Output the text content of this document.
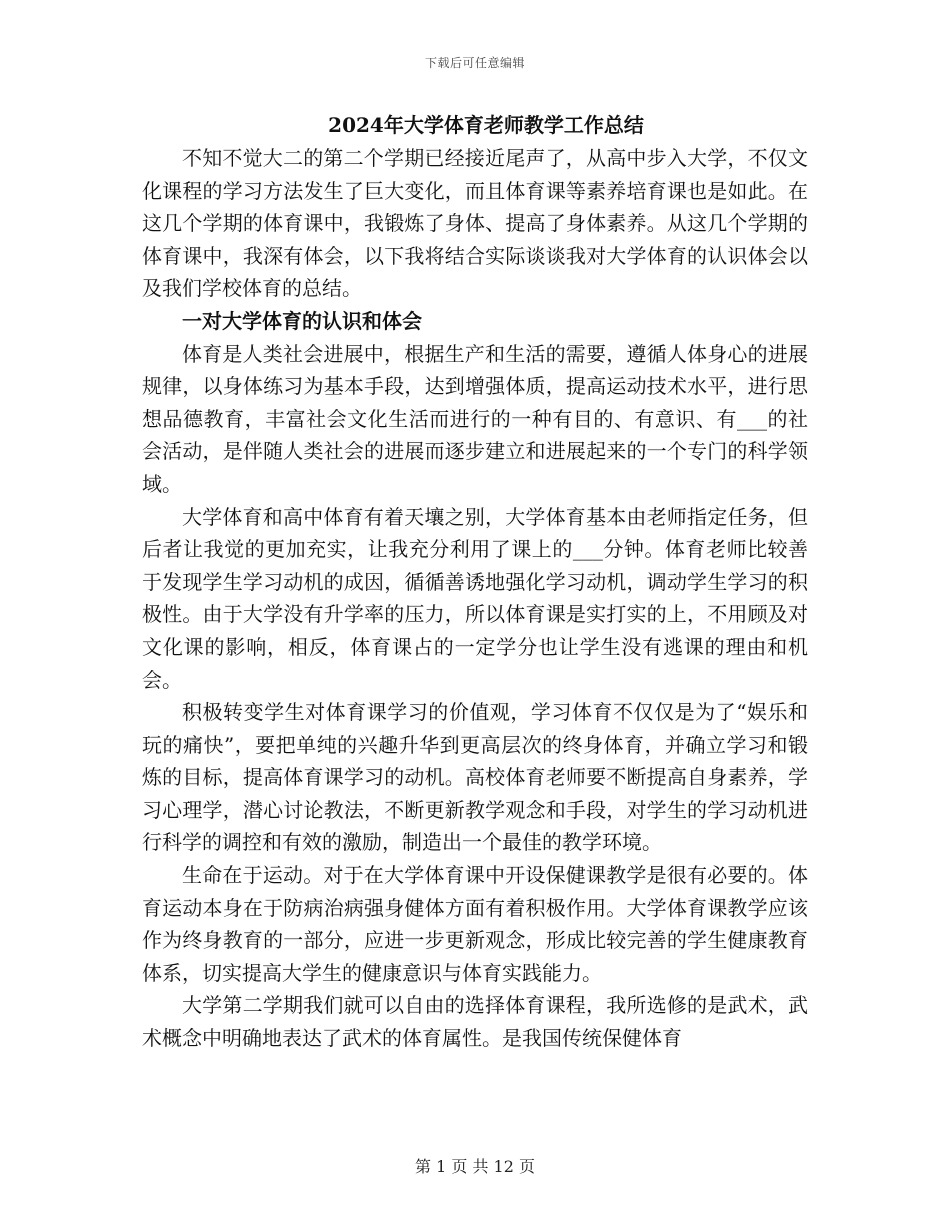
下载后可任意编辑
2024年大学体育老师教学工作总结

不知不觉大二的第二个学期已经接近尾声了，从高中步入大学，不仅文化课程的学习方法发生了巨大变化，而且体育课等素养培育课也是如此。在这几个学期的体育课中，我锻炼了身体、提高了身体素养。从这几个学期的体育课中，我深有体会，以下我将结合实际谈谈我对大学体育的认识体会以及我们学校体育的总结。

一对大学体育的认识和体会

体育是人类社会进展中，根据生产和生活的需要，遵循人体身心的进展规律，以身体练习为基本手段，达到增强体质，提高运动技术水平，进行思想品德教育，丰富社会文化生活而进行的一种有目的、有意识、有___的社会活动，是伴随人类社会的进展而逐步建立和进展起来的一个专门的科学领域。

大学体育和高中体育有着天壤之别，大学体育基本由老师指定任务，但后者让我觉的更加充实，让我充分利用了课上的___分钟。体育老师比较善于发现学生学习动机的成因，循循善诱地强化学习动机，调动学生学习的积极性。由于大学没有升学率的压力，所以体育课是实打实的上，不用顾及对文化课的影响，相反，体育课占的一定学分也让学生没有逃课的理由和机会。

积极转变学生对体育课学习的价值观，学习体育不仅仅是为了“娱乐和玩的痛快”，要把单纯的兴趣升华到更高层次的终身体育，并确立学习和锻炼的目标，提高体育课学习的动机。高校体育老师要不断提高自身素养，学习心理学，潜心讨论教法，不断更新教学观念和手段，对学生的学习动机进行科学的调控和有效的激励，制造出一个最佳的教学环境。

生命在于运动。对于在大学体育课中开设保健课教学是很有必要的。体育运动本身在于防病治病强身健体方面有着积极作用。大学体育课教学应该作为终身教育的一部分，应进一步更新观念，形成比较完善的学生健康教育体系，切实提高大学生的健康意识与体育实践能力。

大学第二学期我们就可以自由的选择体育课程，我所选修的是武术，武术概念中明确地表达了武术的体育属性。是我国传统保健体育

第 1 页 共 12 页
